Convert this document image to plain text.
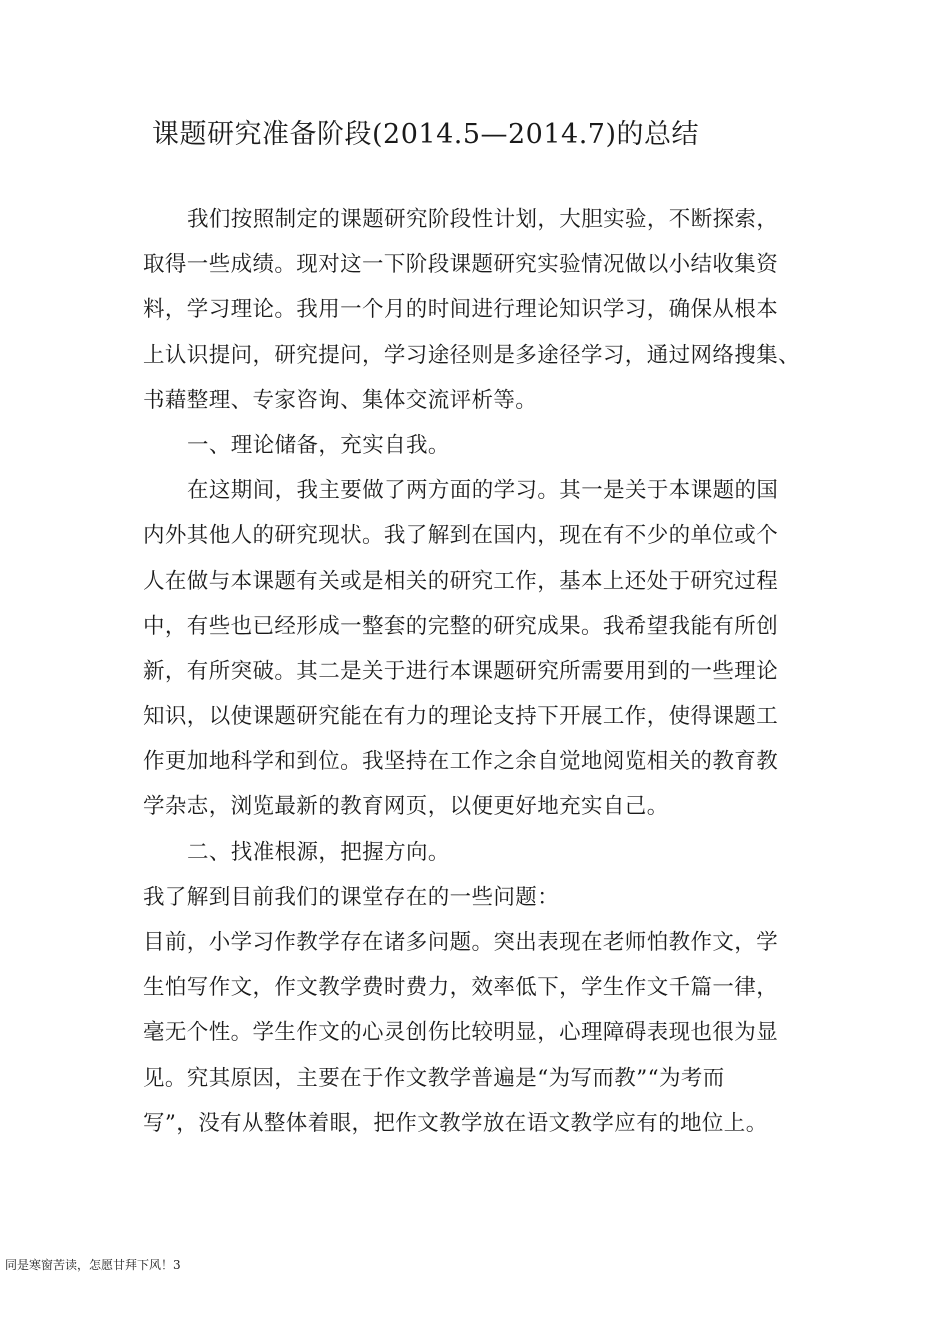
课题研究准备阶段(2014.5—2014.7)的总结
我们按照制定的课题研究阶段性计划，大胆实验，不断探索，
取得一些成绩。现对这一下阶段课题研究实验情况做以小结收集资
料，学习理论。我用一个月的时间进行理论知识学习，确保从根本
上认识提问，研究提问，学习途径则是多途径学习，通过网络搜集、
书藉整理、专家咨询、集体交流评析等。
一、理论储备，充实自我。
在这期间，我主要做了两方面的学习。其一是关于本课题的国
内外其他人的研究现状。我了解到在国内，现在有不少的单位或个
人在做与本课题有关或是相关的研究工作，基本上还处于研究过程
中，有些也已经形成一整套的完整的研究成果。我希望我能有所创
新，有所突破。其二是关于进行本课题研究所需要用到的一些理论
知识，以使课题研究能在有力的理论支持下开展工作，使得课题工
作更加地科学和到位。我坚持在工作之余自觉地阅览相关的教育教
学杂志，浏览最新的教育网页，以便更好地充实自己。
二、找准根源，把握方向。
我了解到目前我们的课堂存在的一些问题：
目前，小学习作教学存在诸多问题。突出表现在老师怕教作文，学
生怕写作文，作文教学费时费力，效率低下，学生作文千篇一律，
毫无个性。学生作文的心灵创伤比较明显，心理障碍表现也很为显
见。究其原因，主要在于作文教学普遍是“为写而教”“为考而
写”，没有从整体着眼，把作文教学放在语文教学应有的地位上。
同是寒窗苦读，怎愿甘拜下风！3
